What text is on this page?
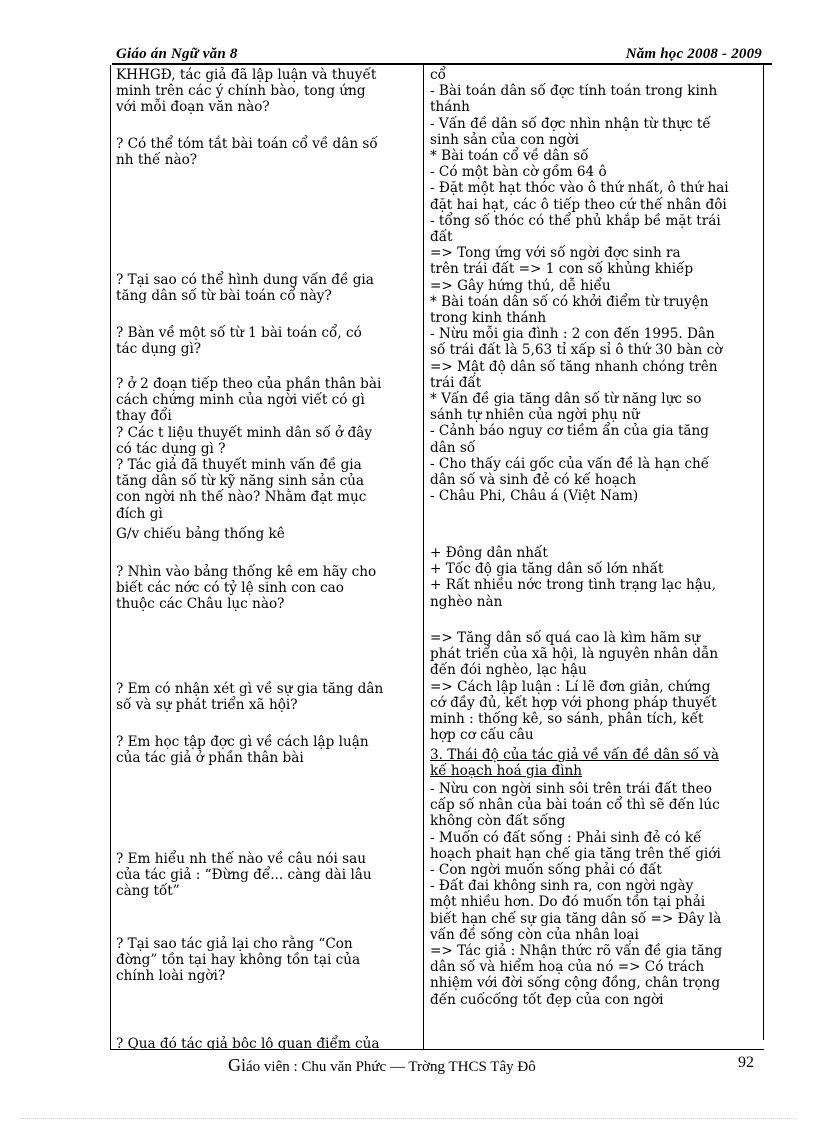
Giáo án Ngữ văn 8	Năm học 2008 - 2009
KHHGĐ, tác giả đã lập luận và thuyết
minh trên các ý chính bào, tong ứng
với mỗi đoạn văn nào?
? Có thể tóm tắt bài toán cổ về dân số
nh thế nào?
? Tại sao có thể hình dung vấn đề gia
tăng dân số từ bài toán cổ này?
? Bàn về một số từ 1 bài toán cổ, có
tác dụng gì?
? ở 2 đoạn tiếp theo của phần thân bài
cách chứng minh của ngời viết có gì
thay đổi
? Các t liệu thuyết minh dân số ở đây
có tác dụng gì ?
? Tác giả đã thuyết minh vấn đề gia
tăng dân số từ kỹ năng sinh sản của
con ngời nh thế nào? Nhằm đạt mục
đích gì
G/v chiếu bảng thống kê
? Nhìn vào bảng thống kê em hãy cho
biết các nớc có tỷ lệ sinh con cao
thuộc các Châu lục nào?
? Em có nhận xét gì về sự gia tăng dân
số và sự phát triển xã hội?
? Em học tập đợc gì về cách lập luận
của tác giả ở phần thân bài
? Em hiểu nh thế nào về câu nói sau
của tác giả : “Đừng để... càng dài lâu
càng tốt”
? Tại sao tác giả lại cho rằng “Con
đờng” tồn tại hay không tồn tại của
chính loài ngời?
? Qua đó tác giả bộc lộ quan điểm của
cổ
- Bài toán dân số đợc tính toán trong kinh
thánh
- Vấn đề dân số đợc nhìn nhận từ thực tế
sinh sản của con ngời
* Bài toán cổ về dân số
- Có một bàn cờ gồm 64 ô
- Đặt một hạt thóc vào ô thứ nhất, ô thứ hai
đặt hai hạt, các ô tiếp theo cứ thế nhân đôi
- tổng số thóc có thể phủ khắp bề mặt trái
đất
=> Tong ứng với số ngời đợc sinh ra
trên trái đất => 1 con số khủng khiếp
=> Gây hứng thú, dễ hiểu
* Bài toán dân số có khởi điểm từ truyện
trong kinh thánh
- Nừu mỗi gia đình : 2 con đến 1995. Dân
số trái đất là 5,63 tỉ xấp sỉ ô thứ 30 bàn cờ
=> Mật độ dân số tăng nhanh chóng trên
trái đất
* Vấn đề gia tăng dân số từ năng lực so
sánh tự nhiên của ngời phụ nữ
- Cảnh báo nguy cơ tiềm ẩn của gia tăng
dân số
- Cho thấy cái gốc của vấn đề là hạn chế
dân số và sinh đẻ có kế hoạch
- Châu Phi, Châu á (Việt Nam)
+ Đông dân nhất
+ Tốc độ gia tăng dân số lớn nhất
+ Rất nhiều nớc trong tình trạng lạc hậu,
nghèo nàn
=> Tăng dân số quá cao là kìm hãm sự
phát triển của xã hội, là nguyên nhân dẫn
đến đói nghèo, lạc hậu
=> Cách lập luận : Lí lẽ đơn giản, chứng
cớ đầy đủ, kết hợp với phong pháp thuyết
minh : thống kê, so sánh, phân tích, kết
hợp cơ cấu câu
3. Thái độ của tác giả về vấn đề dân số và
kế hoạch hoá gia đình
- Nừu con ngời sinh sôi trên trái đất theo
cấp số nhân của bài toán cổ thì sẽ đến lúc
không còn đất sống
- Muốn có đất sống : Phải sinh đẻ có kế
hoạch phait hạn chế gia tăng trên thế giới
- Con ngời muốn sống phải có đất
- Đất đai không sinh ra, con ngời ngày
một nhiều hơn. Do đó muốn tồn tại phải
biết hạn chế sự gia tăng dân số => Đây là
vấn đề sống còn của nhân loại
=> Tác giả : Nhận thức rõ vấn đề gia tăng
dân số và hiểm hoạ của nó => Có trách
nhiệm với đời sống cộng đồng, chân trọng
đến cuốcống tốt đẹp của con ngời
Giáo viên : Chu văn Phức — Trờng THCS Tây Đô	92
